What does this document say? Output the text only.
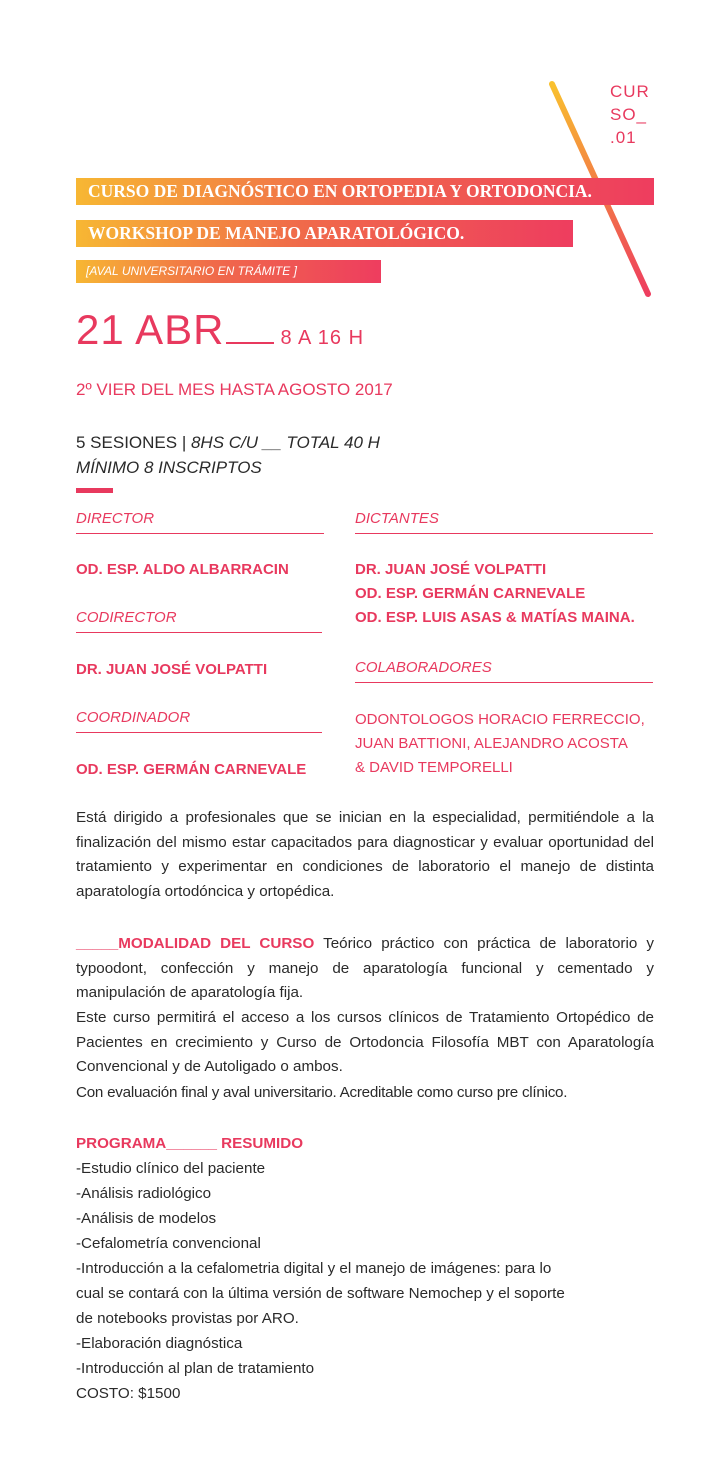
CUR
SO_
.01
CURSO DE DIAGNÓSTICO EN ORTOPEDIA Y ORTODONCIA.
WORKSHOP DE MANEJO APARATOLÓGICO.
[AVAL UNIVERSITARIO EN TRÁMITE ]
21 ABR	8 A 16 H
2º VIER DEL MES HASTA AGOSTO 2017
5 SESIONES | 8HS C/U __ TOTAL 40 H
MÍNIMO 8 INSCRIPTOS
DIRECTOR
OD. ESP. ALDO ALBARRACIN
CODIRECTOR
DR. JUAN JOSÉ VOLPATTI
COORDINADOR
OD. ESP. GERMÁN CARNEVALE
DICTANTES
DR. JUAN JOSÉ VOLPATTI
OD. ESP. GERMÁN CARNEVALE
OD. ESP. LUIS ASAS & MATÍAS MAINA.
COLABORADORES
ODONTOLOGOS HORACIO FERRECCIO,
JUAN BATTIONI, ALEJANDRO ACOSTA
& DAVID TEMPORELLI
Está dirigido a profesionales que se inician en la especialidad, permitiéndole a la finalización del mismo estar capacitados para diagnosticar y evaluar oportunidad del tratamiento y experimentar en condiciones de laboratorio el manejo de distinta aparatología ortodóncica y ortopédica.
_____MODALIDAD DEL CURSO Teórico práctico con práctica de laboratorio y typoodont, confección y manejo de aparatología funcional y cementado y manipulación de aparatología fija.
Este curso permitirá el acceso a los cursos clínicos de Tratamiento Ortopédico de Pacientes en crecimiento y Curso de Ortodoncia Filosofía MBT con Aparatología Convencional y de Autoligado o ambos.
Con evaluación final y aval universitario. Acreditable como curso pre clínico.
PROGRAMA______ RESUMIDO
-Estudio clínico del paciente
-Análisis radiológico
-Análisis de modelos
-Cefalometría convencional
-Introducción a la cefalometria digital y el manejo de imágenes: para lo
cual se contará con la última versión de software Nemochep y el soporte
de notebooks provistas por ARO.
-Elaboración diagnóstica
-Introducción al plan de tratamiento
COSTO: $1500
